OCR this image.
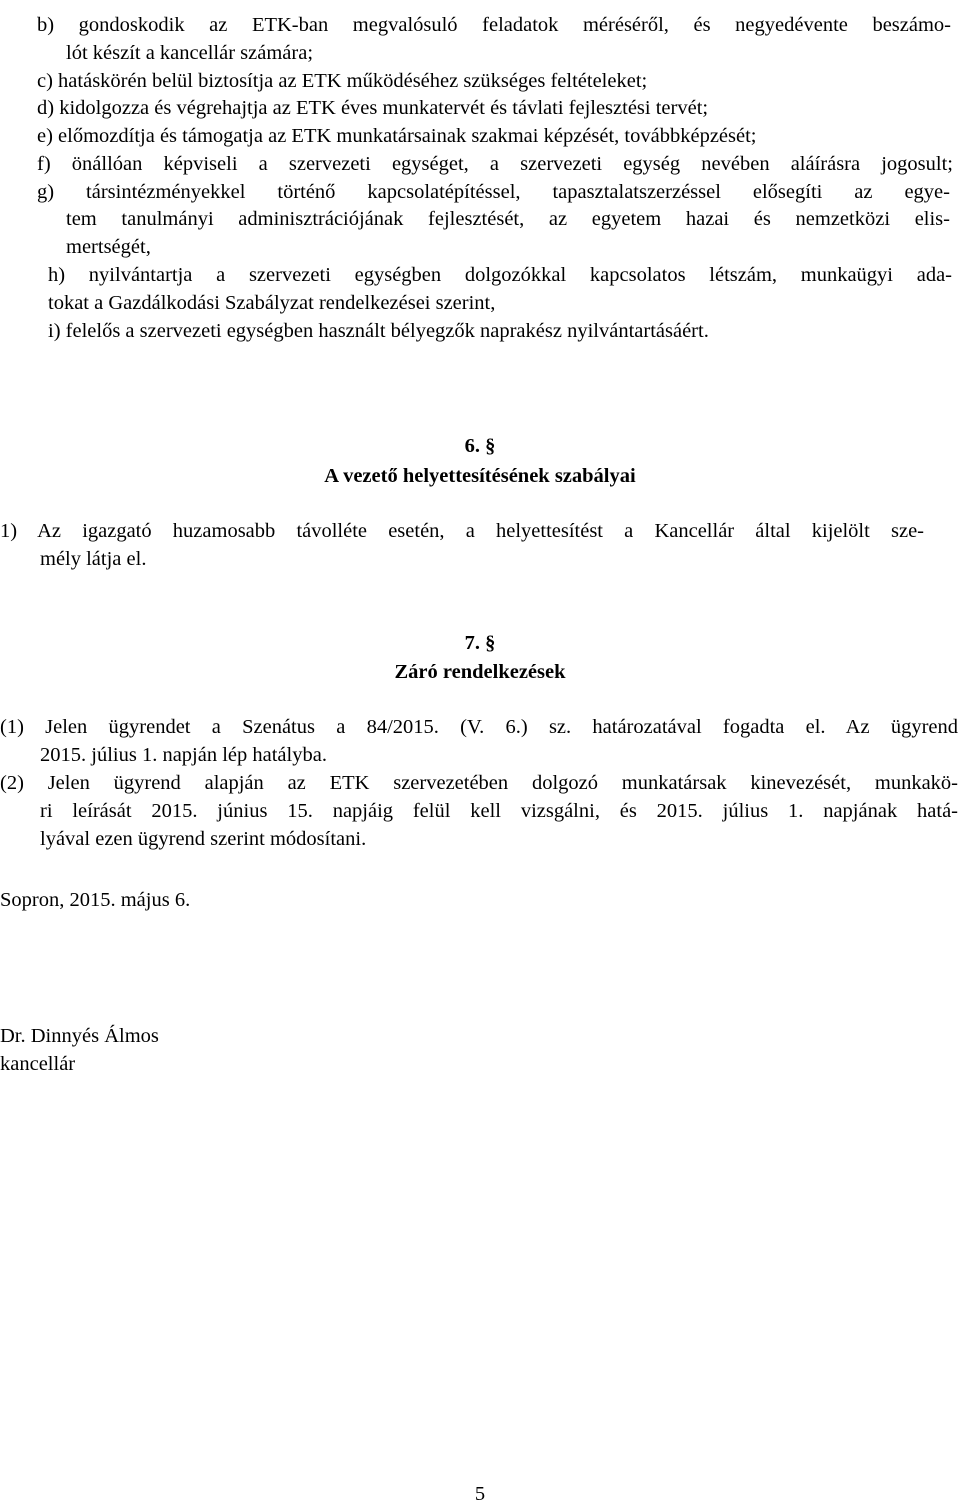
b) gondoskodik az ETK-ban megvalósuló feladatok méréséről, és negyedévente beszámo-
lót készít a kancellár számára;
c) hatáskörén belül biztosítja az ETK működéséhez szükséges feltételeket;
d) kidolgozza és végrehajtja az ETK éves munkatervét és távlati fejlesztési tervét;
e) előmozdítja és támogatja az ETK munkatársainak szakmai képzését, továbbképzését;
f) önállóan képviseli a szervezeti egységet, a szervezeti egység nevében aláírásra jogosult;
g) társintézményekkel történő kapcsolatépítéssel, tapasztalatszerzéssel elősegíti az egye-
tem tanulmányi adminisztrációjának fejlesztését, az egyetem hazai és nemzetközi elis-
mertségét,
h) nyilvántartja a szervezeti egységben dolgozókkal kapcsolatos létszám, munkaügyi ada-
tokat a Gazdálkodási Szabályzat rendelkezései szerint,
i) felelős a szervezeti egységben használt bélyegzők naprakész nyilvántartásáért.
6. §
A vezető helyettesítésének szabályai
1) Az igazgató huzamosabb távolléte esetén, a helyettesítést a Kancellár által kijelölt sze-
mély látja el.
7. §
Záró rendelkezések
(1) Jelen ügyrendet a Szenátus a 84/2015. (V. 6.) sz. határozatával fogadta el. Az ügyrend
2015. július 1. napján lép hatályba.
(2) Jelen ügyrend alapján az ETK szervezetében dolgozó munkatársak kinevezését, munkakö-
ri leírását 2015. június 15. napjáig felül kell vizsgálni, és 2015. július 1. napjának hatá-
lyával ezen ügyrend szerint módosítani.
Sopron, 2015. május 6.
Dr. Dinnyés Álmos
kancellár
5
